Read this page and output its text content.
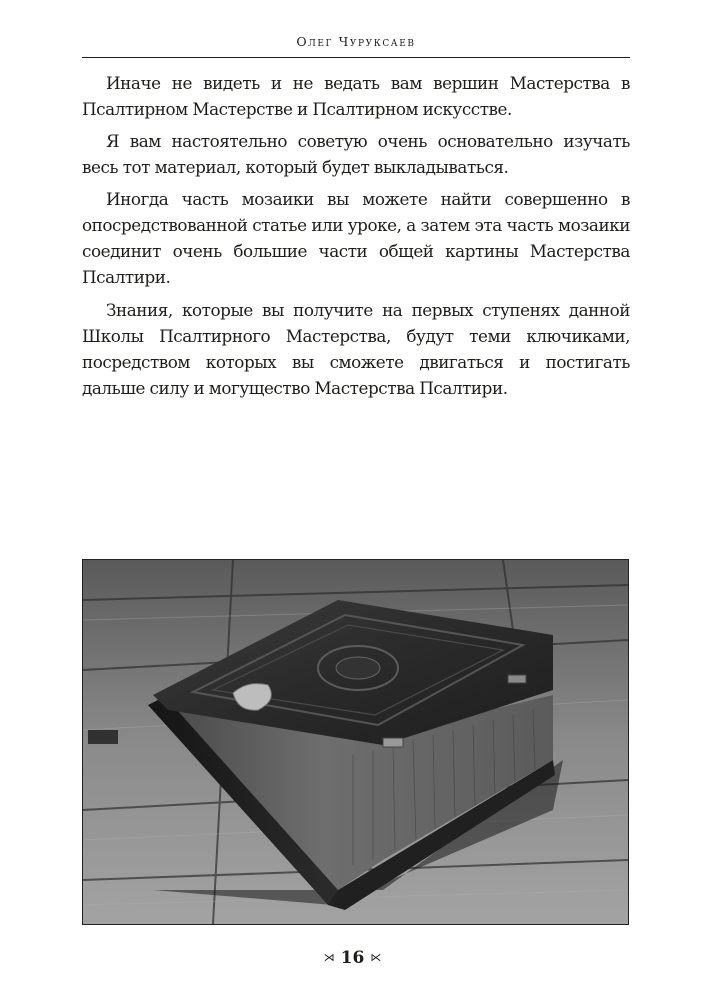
Олег Чуруксаев

Иначе не видеть и не ведать вам вершин Мастерства в Псалтирном Мастерстве и Псалтирном искусстве.

Я вам настоятельно советую очень основательно изучать весь тот материал, который будет выкладываться.

Иногда часть мозаики вы можете найти совершенно в опосредствованной статье или уроке, а затем эта часть мозаики соединит очень большие части общей картины Мастерства Псалтири.

Знания, которые вы получите на первых ступенях данной Школы Псалтирного Мастерства, будут теми ключиками, посредством которых вы сможете двигаться и постигать дальше силу и могущество Мастерства Псалтири.

⋊ 16 ⋉
